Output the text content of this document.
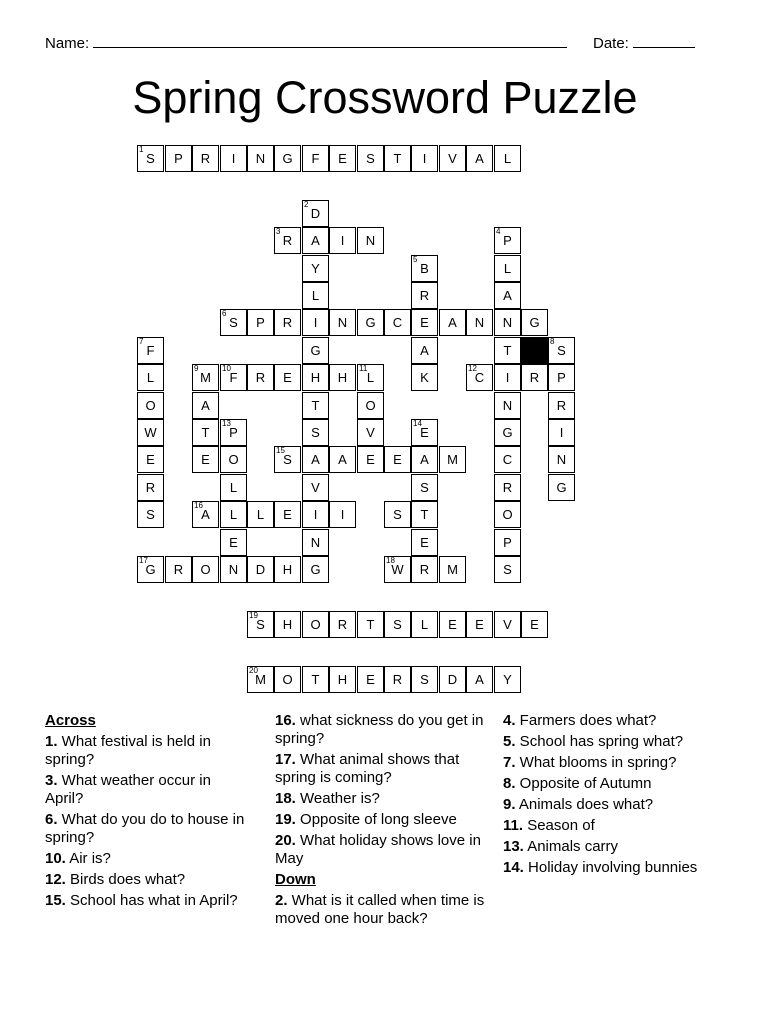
Name:	Date:
Spring Crossword Puzzle
1
S	P	R	I	N	G	F	E	S	T	I	V	A	L
2
D
A
Y
L
I
G
H
T
S
A
V
I
N
G
3
R	I	N
4
P
L
A
N
T
I
N
G
C
R
O
P
S
5
B
R
E
A
K
6
S	P	R	N	G	C	A	N	G
7
F
L
O
W
E
R
S
8
S
P
R
I
N
G
9
M
A
T
E
10
F	R	E	H
11
L
O
V
E
12
C	R
13
P
O
L
L
E
N
14
E
A
S
T
E
R
15
S	A	E	M
16
A	L	E	I	S
17
G	R	O	D	H
18
W	M
19
S	H	O	R	T	S	L	E	E	V	E
20
M	O	T	H	E	R	S	D	A	Y
Across
1. What festival is held in spring?
3. What weather occur in April?
6. What do you do to house in spring?
10. Air is?
12. Birds does what?
15. School has what in April?
16. what sickness do you get in spring?
17. What animal shows that spring is coming?
18. Weather is?
19. Opposite of long sleeve
20. What holiday shows love in May
Down
2. What is it called when time is moved one hour back?
4. Farmers does what?
5. School has spring what?
7. What blooms in spring?
8. Opposite of Autumn
9. Animals does what?
11. Season of
13. Animals carry
14. Holiday involving bunnies
